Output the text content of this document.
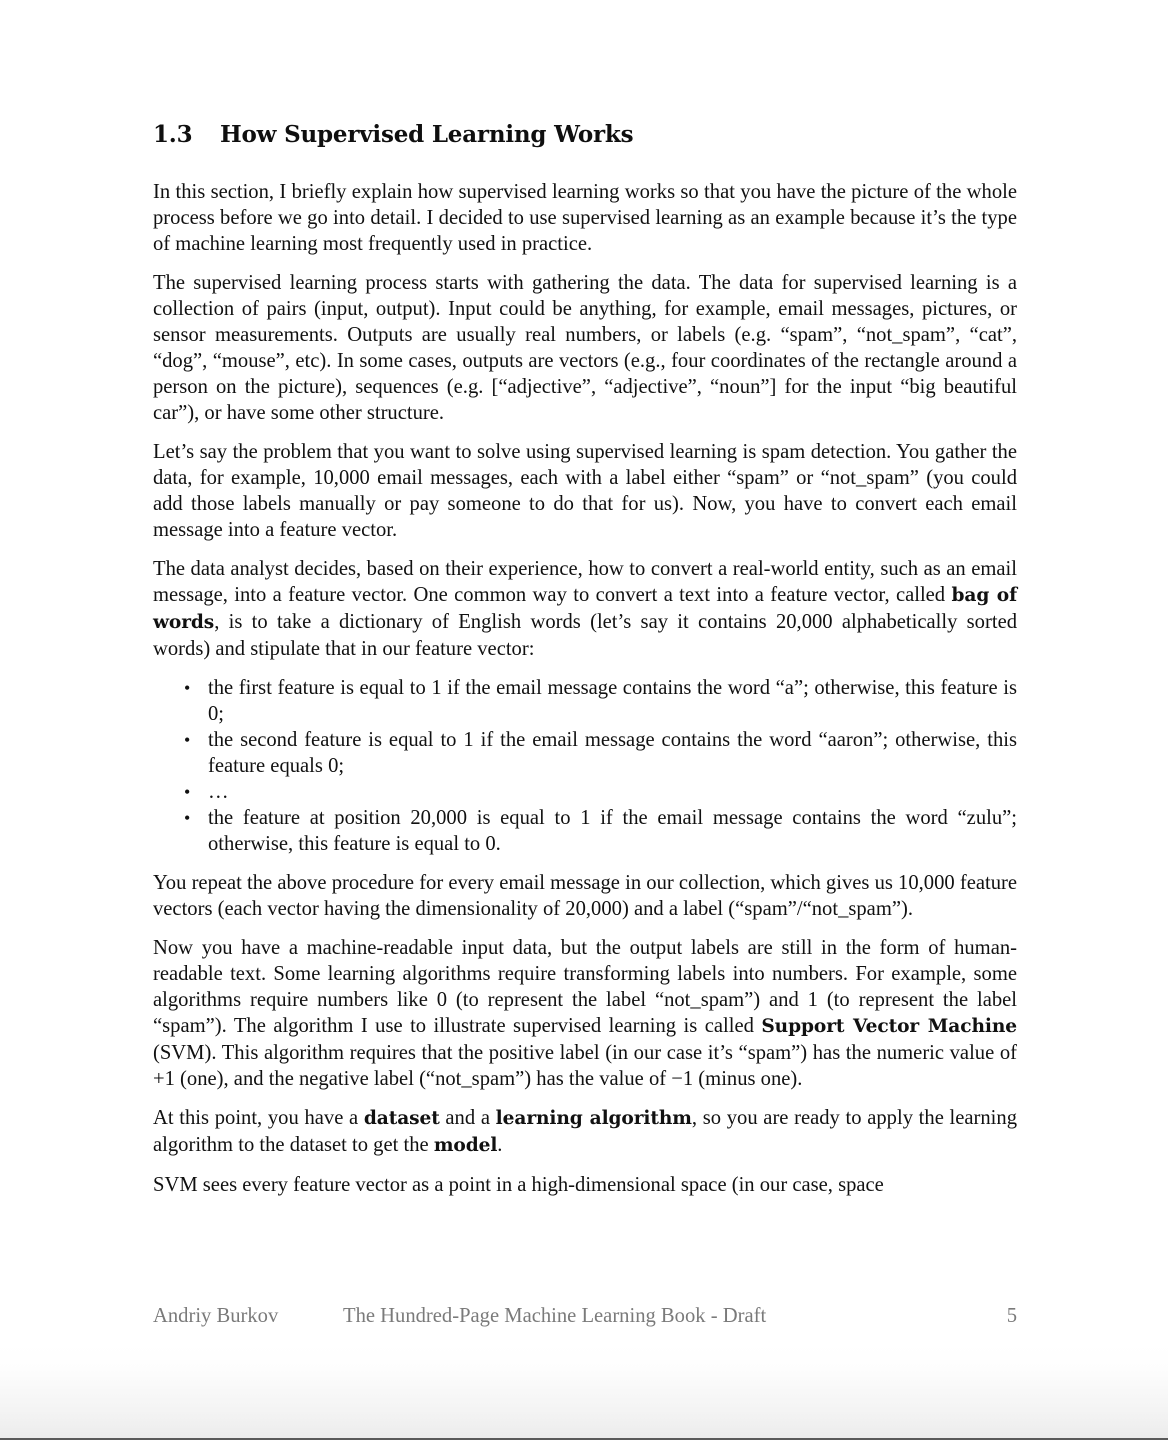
1.3 How Supervised Learning Works

In this section, I briefly explain how supervised learning works so that you have the picture of the whole process before we go into detail. I decided to use supervised learning as an example because it’s the type of machine learning most frequently used in practice.

The supervised learning process starts with gathering the data. The data for supervised learning is a collection of pairs (input, output). Input could be anything, for example, email messages, pictures, or sensor measurements. Outputs are usually real numbers, or labels (e.g. “spam”, “not_spam”, “cat”, “dog”, “mouse”, etc). In some cases, outputs are vectors (e.g., four coordinates of the rectangle around a person on the picture), sequences (e.g. [“adjective”, “adjective”, “noun”] for the input “big beautiful car”), or have some other structure.

Let’s say the problem that you want to solve using supervised learning is spam detection. You gather the data, for example, 10,000 email messages, each with a label either “spam” or “not_spam” (you could add those labels manually or pay someone to do that for us). Now, you have to convert each email message into a feature vector.

The data analyst decides, based on their experience, how to convert a real-world entity, such as an email message, into a feature vector. One common way to convert a text into a feature vector, called bag of words, is to take a dictionary of English words (let’s say it contains 20,000 alphabetically sorted words) and stipulate that in our feature vector:

• the first feature is equal to 1 if the email message contains the word “a”; otherwise, this feature is 0;
• the second feature is equal to 1 if the email message contains the word “aaron”; otherwise, this feature equals 0;
• …
• the feature at position 20,000 is equal to 1 if the email message contains the word “zulu”; otherwise, this feature is equal to 0.

You repeat the above procedure for every email message in our collection, which gives us 10,000 feature vectors (each vector having the dimensionality of 20,000) and a label (“spam”/“not_spam”).

Now you have a machine-readable input data, but the output labels are still in the form of human-readable text. Some learning algorithms require transforming labels into numbers. For example, some algorithms require numbers like 0 (to represent the label “not_spam”) and 1 (to represent the label “spam”). The algorithm I use to illustrate supervised learning is called Support Vector Machine (SVM). This algorithm requires that the positive label (in our case it’s “spam”) has the numeric value of +1 (one), and the negative label (“not_spam”) has the value of −1 (minus one).

At this point, you have a dataset and a learning algorithm, so you are ready to apply the learning algorithm to the dataset to get the model.

SVM sees every feature vector as a point in a high-dimensional space (in our case, space

Andriy Burkov	The Hundred-Page Machine Learning Book - Draft	5
